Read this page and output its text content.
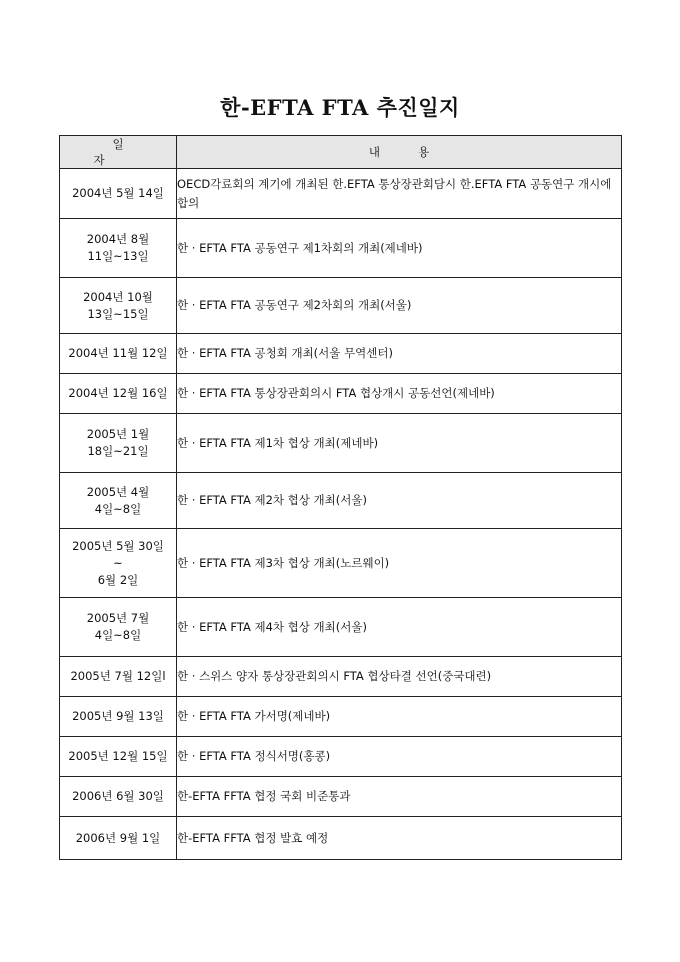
한-EFTA FTA 추진일지
일자	내용

2004년 5월 14일	OECD각료회의 계기에 개최된 한.EFTA 통상장관회담시 한.EFTA FTA 공동연구 개시에 합의

2004년 8월
11일~13일	한 · EFTA FTA 공동연구 제1차회의 개최(제네바)

2004년 10월
13일~15일	한 · EFTA FTA 공동연구 제2차회의 개최(서울)

2004년 11월 12일	한 · EFTA FTA 공청회 개최(서울 무역센터)

2004년 12월 16일	한 · EFTA FTA 통상장관회의시 FTA 협상개시 공동선언(제네바)

2005년 1월
18일~21일	한 · EFTA FTA 제1차 협상 개최(제네바)

2005년 4월
4일~8일	한 · EFTA FTA 제2차 협상 개최(서울)

2005년 5월 30일
~
6월 2일	한 · EFTA FTA 제3차 협상 개최(노르웨이)

2005년 7월
4일~8일	한 · EFTA FTA 제4차 협상 개최(서울)

2005년 7월 12일l	한 · 스위스 양자 통상장관회의시 FTA 협상타결 선언(중국대련)

2005년 9월 13일	한 · EFTA FTA 가서명(제네바)

2005년 12월 15일	한 · EFTA FTA 정식서명(홍콩)

2006년 6월 30일	한-EFTA FFTA 협정 국회 비준통과

2006년 9월 1일	한-EFTA FFTA 협정 발효 예정
